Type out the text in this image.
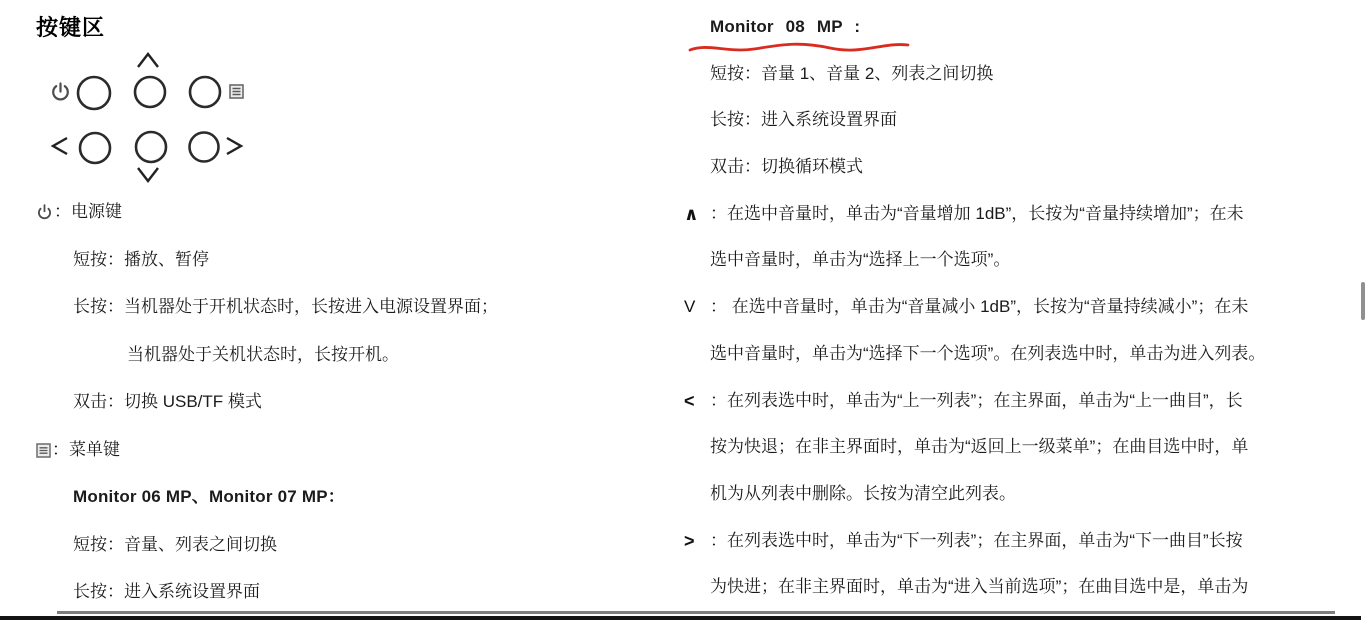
按键区
：电源键
短按：播放、暂停
长按：当机器处于开机状态时，长按进入电源设置界面；
当机器处于关机状态时，长按开机。
双击：切换 USB/TF 模式
：菜单键
Monitor 06 MP、Monitor 07 MP：
短按：音量、列表之间切换
长按：进入系统设置界面
Monitor 08 MP :
短按：音量 1、音量 2、列表之间切换
长按：进入系统设置界面
双击：切换循环模式
∧ ：在选中音量时，单击为“音量增加 1dB”，长按为“音量持续增加”；在未
选中音量时，单击为“选择上一个选项”。
V ： 在选中音量时，单击为“音量减小 1dB”，长按为“音量持续减小”；在未
选中音量时，单击为“选择下一个选项”。在列表选中时，单击为进入列表。
< ：在列表选中时，单击为“上一列表”；在主界面，单击为“上一曲目”，长
按为快退；在非主界面时，单击为“返回上一级菜单”；在曲目选中时，单
机为从列表中删除。长按为清空此列表。
> ：在列表选中时，单击为“下一列表”；在主界面，单击为“下一曲目”长按
为快进；在非主界面时，单击为“进入当前选项”；在曲目选中是，单击为
